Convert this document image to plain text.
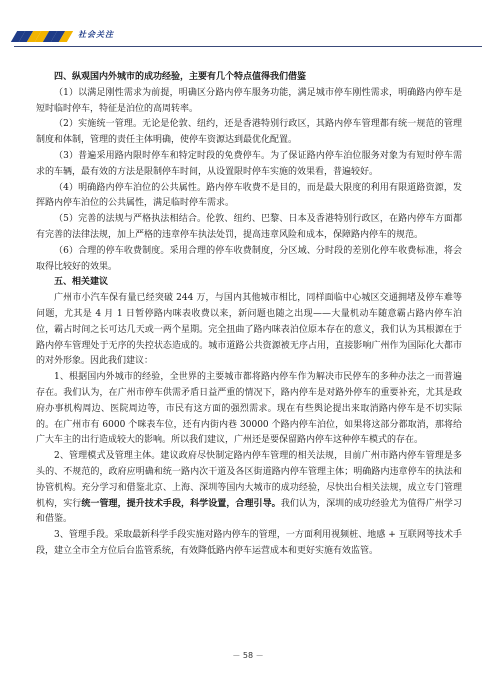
社会关注

四、纵观国内外城市的成功经验，主要有几个特点值得我们借鉴

（1）以满足刚性需求为前提，明确区分路内停车服务功能，满足城市停车刚性需求，明确路内停车是短时临时停车，特征是泊位的高周转率。

（2）实施统一管理。无论是伦敦、纽约，还是香港特别行政区，其路内停车管理都有统一规范的管理制度和体制，管理的责任主体明确，使停车资源达到最优化配置。

（3）普遍采用路内限时停车和特定时段的免费停车。为了保证路内停车泊位服务对象为有短时停车需求的车辆，最有效的方法是限制停车时间，从设置限时停车实施的效果看，普遍较好。

（4）明确路内停车泊位的公共属性。路内停车收费不是目的，而是最大限度的利用有限道路资源，发挥路内停车泊位的公共属性，满足临时停车需求。

（5）完善的法规与严格执法相结合。伦敦、纽约、巴黎、日本及香港特别行政区，在路内停车方面都有完善的法律法规，加上严格的违章停车执法处罚，提高违章风险和成本，保障路内停车的规范。

（6）合理的停车收费制度。采用合理的停车收费制度，分区域、分时段的差别化停车收费标准，将会取得比较好的效果。

五、相关建议

广州市小汽车保有量已经突破 244 万，与国内其他城市相比，同样面临中心城区交通拥堵及停车难等问题，尤其是 4 月 1 日暂停路内咪表收费以来，新问题也随之出现——大量机动车随意霸占路内停车泊位，霸占时间之长可达几天或一两个星期。完全扭曲了路内咪表泊位原本存在的意义，我们认为其根源在于路内停车管理处于无序的失控状态造成的。城市道路公共资源被无序占用，直接影响广州作为国际化大都市的对外形象。因此我们建议：

1、根据国内外城市的经验，全世界的主要城市都将路内停车作为解决市民停车的多种办法之一而普遍存在。我们认为，在广州市停车供需矛盾日益严重的情况下，路内停车是对路外停车的重要补充，尤其是政府办事机构周边、医院周边等，市民有这方面的强烈需求。现在有些舆论提出来取消路内停车是不切实际的。在广州市有 6000 个咪表车位，还有内街内巷 30000 个路内停车泊位，如果将这部分都取消，那将给广大车主的出行造成较大的影响。所以我们建议，广州还是要保留路内停车这种停车模式的存在。

2、管理模式及管理主体。建议政府尽快制定路内停车管理的相关法规，目前广州市路内停车管理是多头的、不规范的，政府应明确和统一路内次干道及各区街道路内停车管理主体；明确路内违章停车的执法和协管机构。充分学习和借鉴北京、上海、深圳等国内大城市的成功经验，尽快出台相关法规，成立专门管理机构，实行统一管理，提升技术手段，科学设置，合理引导。我们认为，深圳的成功经验尤为值得广州学习和借鉴。

3、管理手段。采取最新科学手段实施对路内停车的管理，一方面利用视频桩、地感 + 互联网等技术手段，建立全市全方位后台监管系统，有效降低路内停车运营成本和更好实施有效监管。

－ 58 －
